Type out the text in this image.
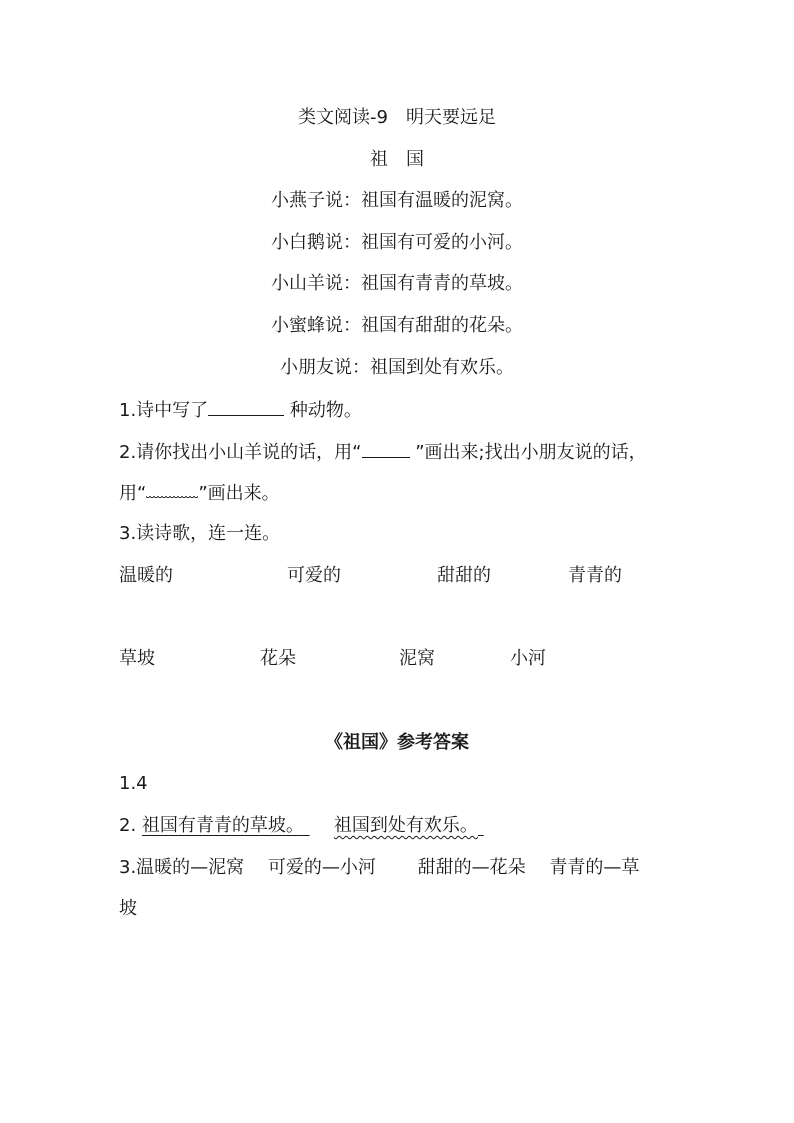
类文阅读-9　明天要远足
祖　国
小燕子说：祖国有温暖的泥窝。
小白鹅说：祖国有可爱的小河。
小山羊说：祖国有青青的草坡。
小蜜蜂说：祖国有甜甜的花朵。
小朋友说：祖国到处有欢乐。
1.诗中写了	种动物。
2.请你找出小山羊说的话，用“	”画出来;找出小朋友说的话，
用“	”画出来。
3.读诗歌，连一连。
温暖的	可爱的	甜甜的	青青的
草坡	花朵	泥窝	小河
《祖国》参考答案
1.4
2. 祖国有青青的草坡。 祖国到处有欢乐。
3.温暖的—泥窝　 可爱的—小河　 　甜甜的—花朵　 青青的—草
坡
